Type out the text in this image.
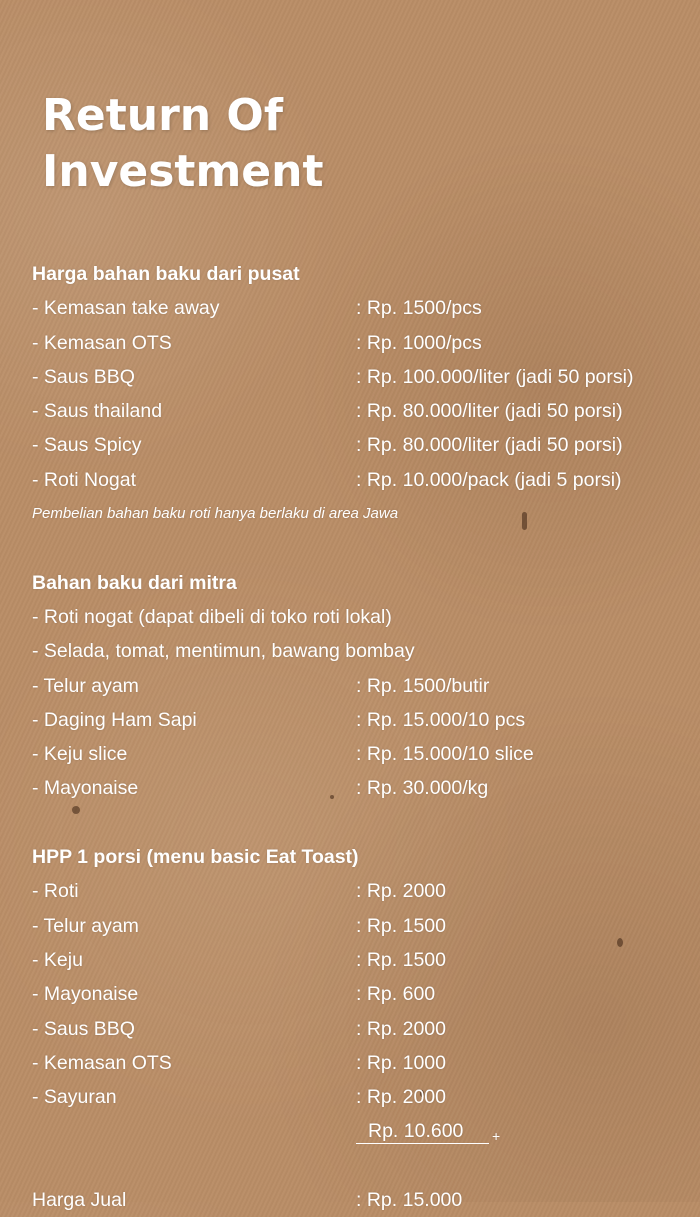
Return Of
Investment
Harga bahan baku dari pusat
- Kemasan take away	: Rp. 1500/pcs
- Kemasan OTS	: Rp. 1000/pcs
- Saus BBQ	: Rp. 100.000/liter (jadi 50 porsi)
- Saus thailand	: Rp. 80.000/liter (jadi 50 porsi)
- Saus Spicy	: Rp. 80.000/liter (jadi 50 porsi)
- Roti Nogat	: Rp. 10.000/pack (jadi 5 porsi)
Pembelian bahan baku roti hanya berlaku di area Jawa
Bahan baku dari mitra
- Roti nogat (dapat dibeli di toko roti lokal)
- Selada, tomat, mentimun, bawang bombay
- Telur ayam	: Rp. 1500/butir
- Daging Ham Sapi	: Rp. 15.000/10 pcs
- Keju slice	: Rp. 15.000/10 slice
- Mayonaise	: Rp. 30.000/kg
HPP 1 porsi (menu basic Eat Toast)
- Roti	: Rp. 2000
- Telur ayam	: Rp. 1500
- Keju	: Rp. 1500
- Mayonaise	: Rp. 600
- Saus BBQ	: Rp. 2000
- Kemasan OTS	: Rp. 1000
- Sayuran	: Rp. 2000
Rp. 10.600 +
Harga Jual	: Rp. 15.000
